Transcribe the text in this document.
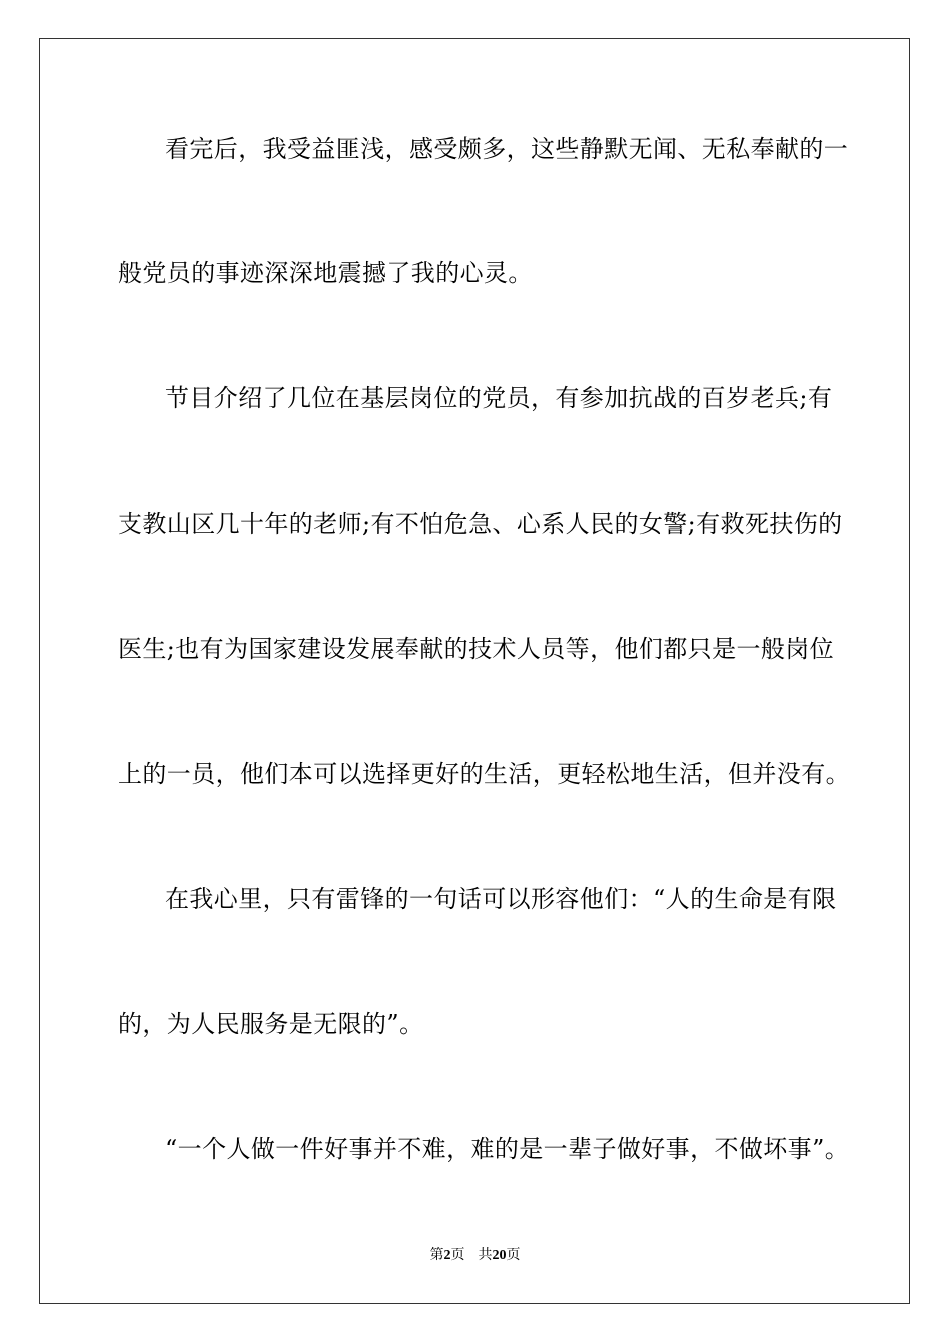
看完后，我受益匪浅，感受颇多，这些静默无闻、无私奉献的一
般党员的事迹深深地震撼了我的心灵。
节目介绍了几位在基层岗位的党员，有参加抗战的百岁老兵;有
支教山区几十年的老师;有不怕危急、心系人民的女警;有救死扶伤的
医生;也有为国家建设发展奉献的技术人员等，他们都只是一般岗位
上的一员，他们本可以选择更好的生活，更轻松地生活，但并没有。
在我心里，只有雷锋的一句话可以形容他们：“人的生命是有限
的，为人民服务是无限的”。
“一个人做一件好事并不难，难的是一辈子做好事，不做坏事”。
第2页 共20页
